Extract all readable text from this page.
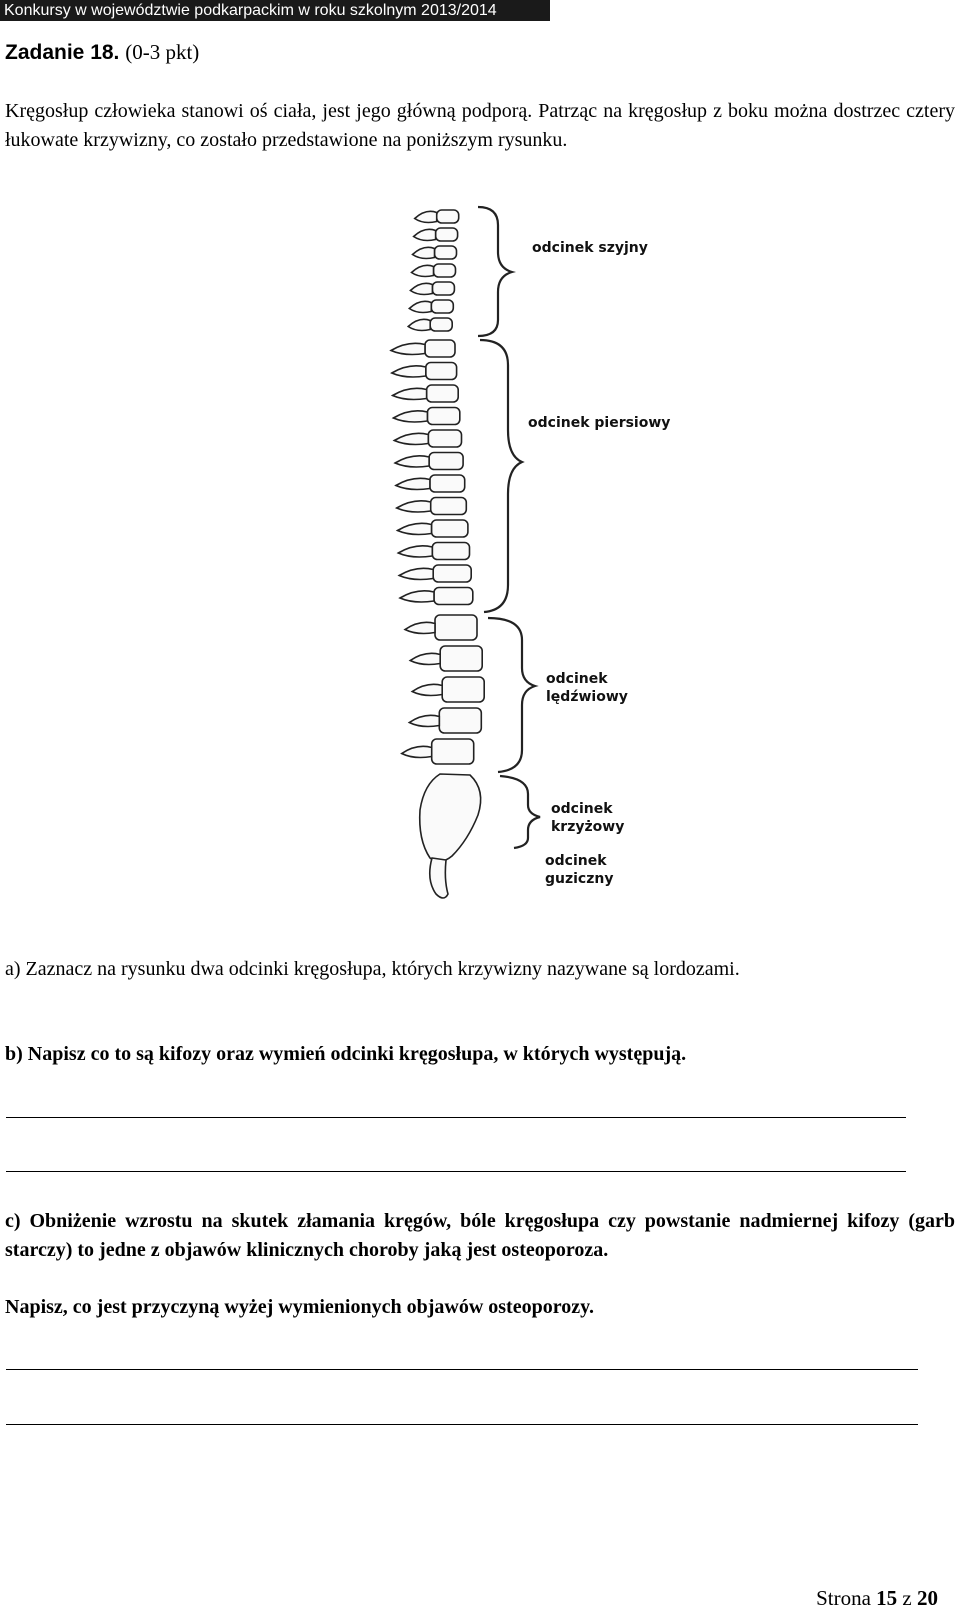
Konkursy w województwie podkarpackim w roku szkolnym 2013/2014
Zadanie 18. (0-3 pkt)
Kręgosłup człowieka stanowi oś ciała, jest jego główną podporą. Patrząc na kręgosłup z boku można dostrzec cztery łukowate krzywizny, co zostało przedstawione na poniższym rysunku.
odcinek szyjny
odcinek piersiowy
odcinek
lędźwiowy
odcinek
krzyżowy
odcinek
guziczny
a) Zaznacz na rysunku dwa odcinki kręgosłupa, których krzywizny nazywane są lordozami.
b) Napisz co to są kifozy oraz wymień odcinki kręgosłupa, w których występują.
c) Obniżenie wzrostu na skutek złamania kręgów, bóle kręgosłupa czy powstanie nadmiernej kifozy (garb starczy) to jedne z objawów klinicznych choroby jaką jest osteoporoza.
Napisz, co jest przyczyną wyżej wymienionych objawów osteoporozy.
Strona 15 z 20
